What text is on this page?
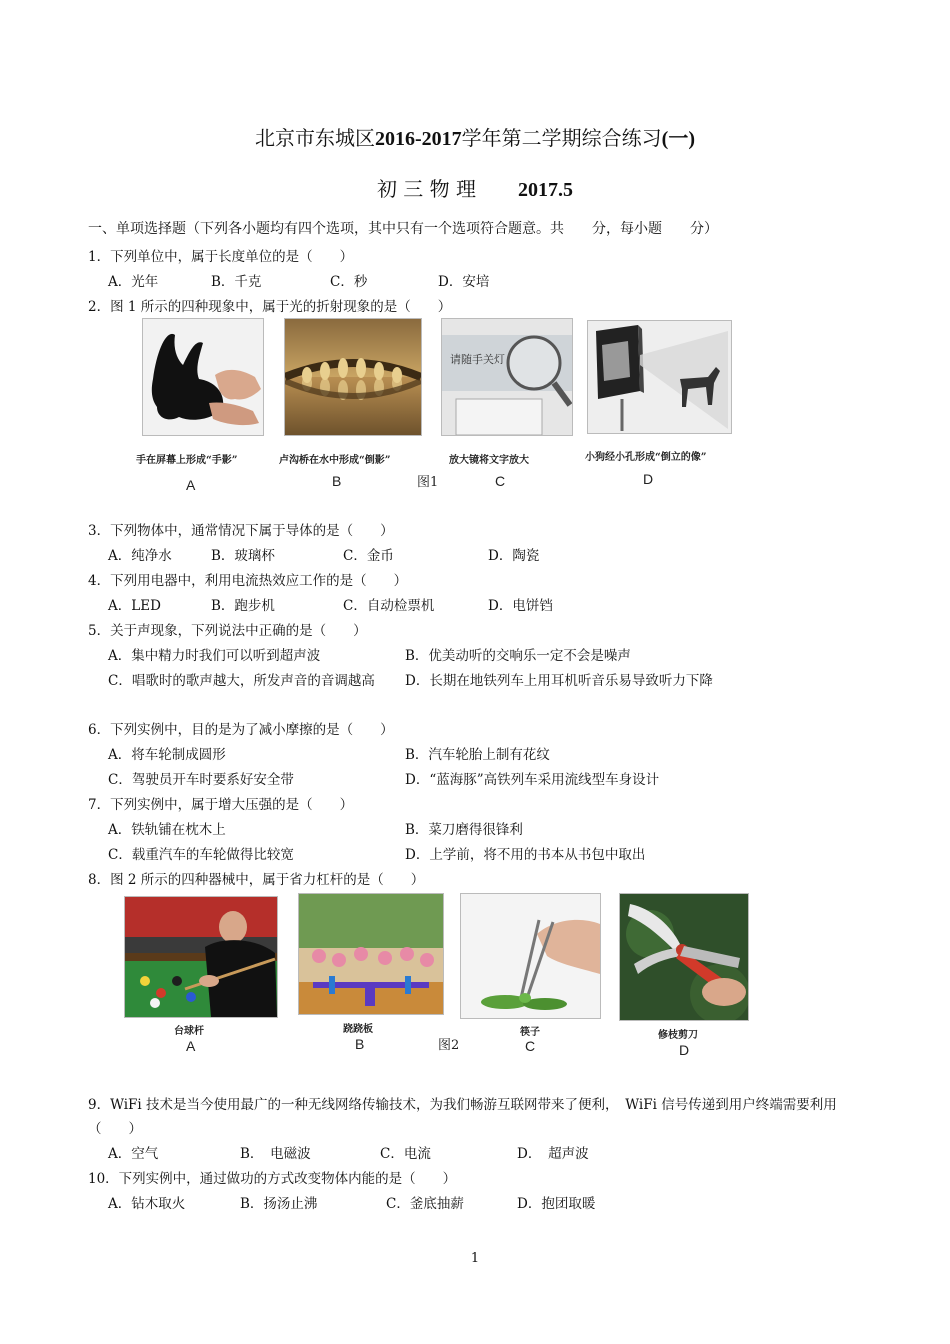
北京市东城区2016-2017学年第二学期综合练习(一)
初 三 物 理 2017.5
一、单项选择题（下列各小题均有四个选项，其中只有一个选项符合题意。共　　分，每小题　　分）
1．下列单位中，属于长度单位的是（　　）
A．光年	B．千克	C．秒	D．安培
2．图 1 所示的四种现象中，属于光的折射现象的是（　　）
请随手关灯
手在屏幕上形成“手影”	卢沟桥在水中形成“倒影”	放大镜将文字放大	小狗经小孔形成“倒立的像”
A	B	图1	C	D
3．下列物体中，通常情况下属于导体的是（　　）
A．纯净水	B．玻璃杯	C．金币	D．陶瓷
4．下列用电器中，利用电流热效应工作的是（　　）
A．LED	B．跑步机	C．自动检票机	D．电饼铛
5．关于声现象，下列说法中正确的是（　　）
A．集中精力时我们可以听到超声波	B．优美动听的交响乐一定不会是噪声
C．唱歌时的歌声越大，所发声音的音调越高 D．长期在地铁列车上用耳机听音乐易导致听力下降
6．下列实例中，目的是为了减小摩擦的是（　　）
A．将车轮制成圆形	B．汽车轮胎上制有花纹
C．驾驶员开车时要系好安全带	D．“蓝海豚”高铁列车采用流线型车身设计
7．下列实例中，属于增大压强的是（　　）
A．铁轨铺在枕木上	B．菜刀磨得很锋利
C．载重汽车的车轮做得比较宽	D．上学前，将不用的书本从书包中取出
8．图 2 所示的四种器械中，属于省力杠杆的是（　　）
台球杆	跷跷板	筷子	修枝剪刀
A	B	图2	C	D
9．WiFi 技术是当今使用最广的一种无线网络传输技术，为我们畅游互联网带来了便利，　WiFi 信号传递到用户终端需要利用
（　　）
A．空气	B．　电磁波	C．电流	D．　超声波
10．下列实例中，通过做功的方式改变物体内能的是（　　）
A．钻木取火	B．扬汤止沸	C．釜底抽薪	D．抱团取暖
1
